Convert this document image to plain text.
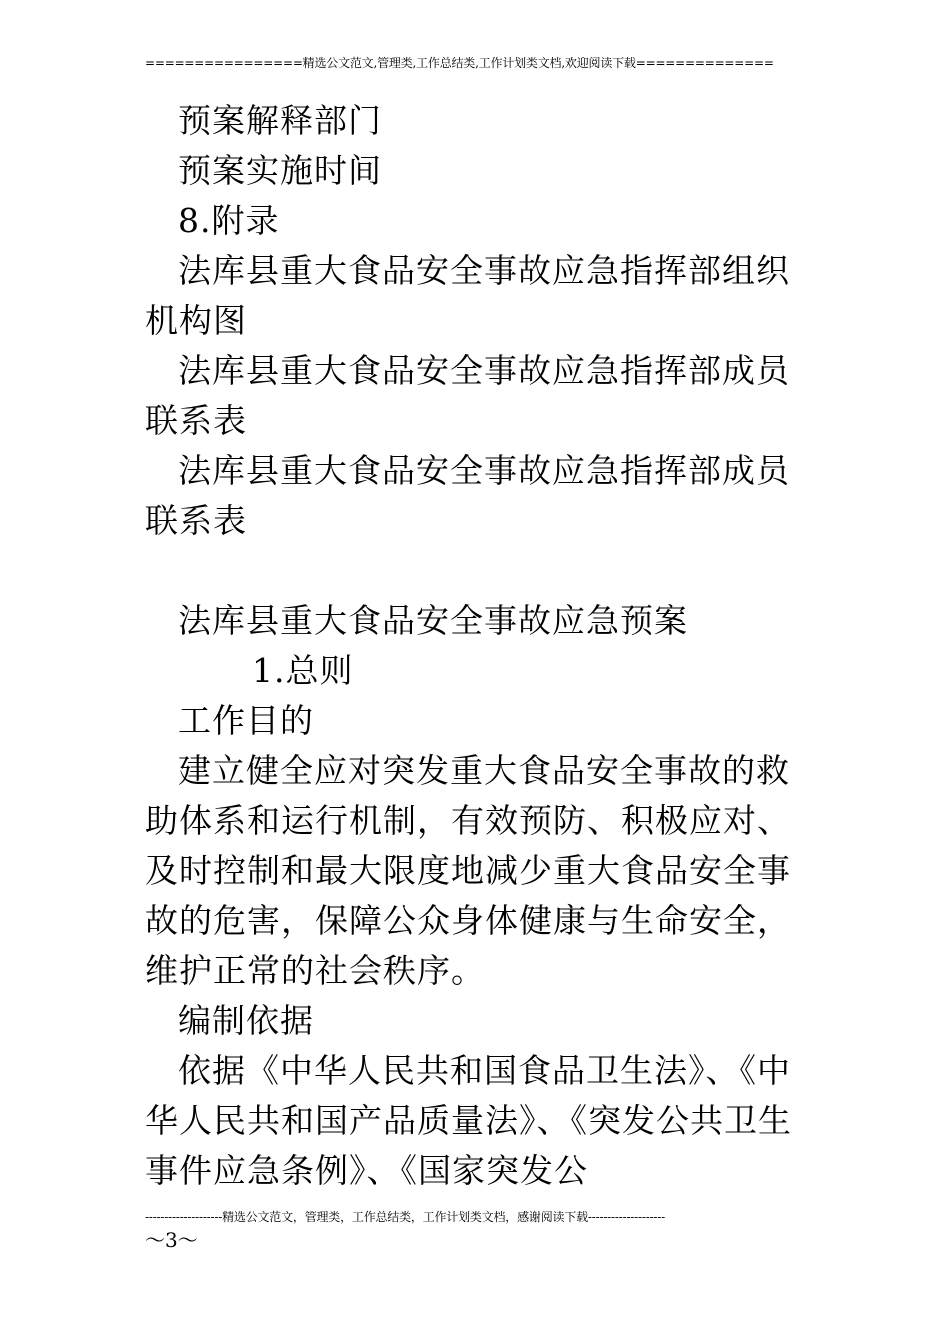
================精选公文范文,管理类,工作总结类,工作计划类文档,欢迎阅读下载==============

预案解释部门

预案实施时间

8.附录

法库县重大食品安全事故应急指挥部组织机构图

法库县重大食品安全事故应急指挥部成员联系表

法库县重大食品安全事故应急指挥部成员联系表

法库县重大食品安全事故应急预案

1.总则

工作目的

建立健全应对突发重大食品安全事故的救助体系和运行机制，有效预防、积极应对、及时控制和最大限度地减少重大食品安全事故的危害，保障公众身体健康与生命安全，维护正常的社会秩序。

编制依据

依据《中华人民共和国食品卫生法》、《中华人民共和国产品质量法》、《突发公共卫生事件应急条例》、《国家突发公

--------------------精选公文范文，管理类，工作总结类，工作计划类文档，感谢阅读下载--------------------
～3～
